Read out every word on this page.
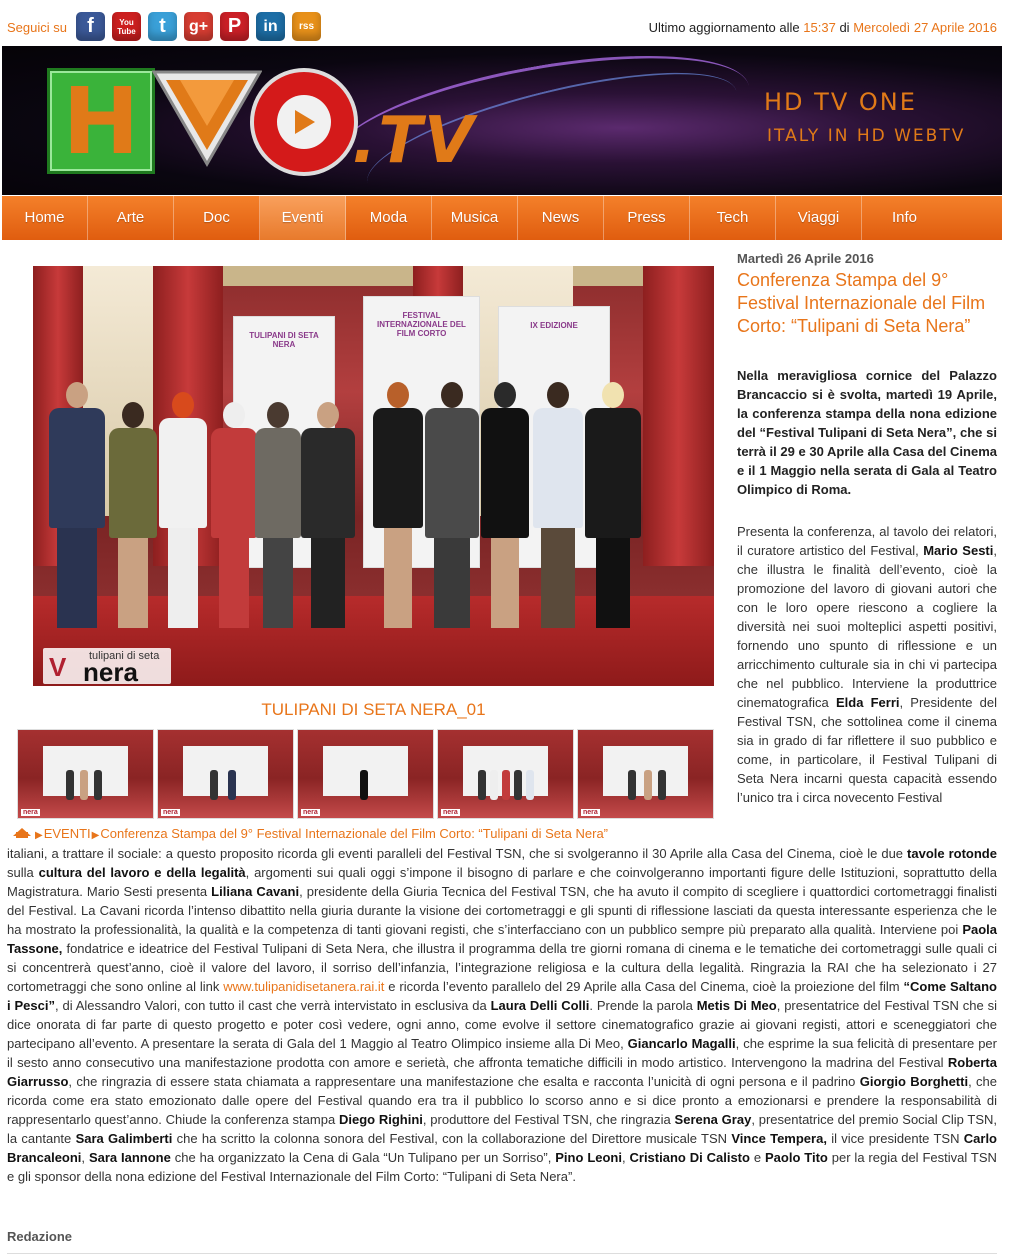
Seguici su	f	You Tube	t	g+ P	in	rss	Ultimo aggiornamento alle 15:37 di Mercoledì 27 Aprile 2016
H	.TV
HD TV ONE
ITALY IN HD WEBTV
Home	Arte	Doc	Eventi	Moda	Musica	News	Press	Tech	Viaggi	Info
TULIPANI DI SETA NERA
FESTIVAL INTERNAZIONALE DEL FILM CORTO
IX EDIZIONE
V tulipani di seta
nera
TULIPANI DI SETA NERA_01
nera	nera	nera	nera	nera
▶EVENTI▶Conferenza Stampa del 9° Festival Internazionale del Film Corto: “Tulipani di Seta Nera”
Martedì 26 Aprile 2016
Conferenza Stampa del 9° Festival Internazionale del Film Corto: “Tulipani di Seta Nera”
Nella meravigliosa cornice del Palazzo Brancaccio si è svolta, martedì 19 Aprile, la conferenza stampa della nona edizione del “Festival Tulipani di Seta Nera”, che si terrà il 29 e 30 Aprile alla Casa del Cinema e il 1 Maggio nella serata di Gala al Teatro Olimpico di Roma.
Presenta la conferenza, al tavolo dei relatori, il curatore artistico del Festival, Mario Sesti, che illustra le finalità dell’evento, cioè la promozione del lavoro di giovani autori che con le loro opere riescono a cogliere la diversità nei suoi molteplici aspetti positivi, fornendo uno spunto di riflessione e un arricchimento culturale sia in chi vi partecipa che nel pubblico. Interviene la produttrice cinematografica Elda Ferri, Presidente del Festival TSN, che sottolinea come il cinema sia in grado di far riflettere il suo pubblico e come, in particolare, il Festival Tulipani di Seta Nera incarni questa capacità essendo l’unico tra i circa novecento Festival
italiani, a trattare il sociale: a questo proposito ricorda gli eventi paralleli del Festival TSN, che si svolgeranno il 30 Aprile alla Casa del Cinema, cioè le due tavole rotonde sulla cultura del lavoro e della legalità, argomenti sui quali oggi s’impone il bisogno di parlare e che coinvolgeranno importanti figure delle Istituzioni, soprattutto della Magistratura. Mario Sesti presenta Liliana Cavani, presidente della Giuria Tecnica del Festival TSN, che ha avuto il compito di scegliere i quattordici cortometraggi finalisti del Festival. La Cavani ricorda l’intenso dibattito nella giuria durante la visione dei cortometraggi e gli spunti di riflessione lasciati da questa interessante esperienza che le ha mostrato la professionalità, la qualità e la competenza di tanti giovani registi, che s’interfacciano con un pubblico sempre più preparato alla qualità. Interviene poi Paola Tassone, fondatrice e ideatrice del Festival Tulipani di Seta Nera, che illustra il programma della tre giorni romana di cinema e le tematiche dei cortometraggi sulle quali ci si concentrerà quest’anno, cioè il valore del lavoro, il sorriso dell’infanzia, l’integrazione religiosa e la cultura della legalità. Ringrazia la RAI che ha selezionato i 27 cortometraggi che sono online al link www.tulipanidisetanera.rai.it e ricorda l’evento parallelo del 29 Aprile alla Casa del Cinema, cioè la proiezione del film “Come Saltano i Pesci”, di Alessandro Valori, con tutto il cast che verrà intervistato in esclusiva da Laura Delli Colli. Prende la parola Metis Di Meo, presentatrice del Festival TSN che si dice onorata di far parte di questo progetto e poter così vedere, ogni anno, come evolve il settore cinematografico grazie ai giovani registi, attori e sceneggiatori che partecipano all’evento. A presentare la serata di Gala del 1 Maggio al Teatro Olimpico insieme alla Di Meo, Giancarlo Magalli, che esprime la sua felicità di presentare per il sesto anno consecutivo una manifestazione prodotta con amore e serietà, che affronta tematiche difficili in modo artistico. Intervengono la madrina del Festival Roberta Giarrusso, che ringrazia di essere stata chiamata a rappresentare una manifestazione che esalta e racconta l’unicità di ogni persona e il padrino Giorgio Borghetti, che ricorda come era stato emozionato dalle opere del Festival quando era tra il pubblico lo scorso anno e si dice pronto a emozionarsi e prendere la responsabilità di rappresentarlo quest’anno. Chiude la conferenza stampa Diego Righini, produttore del Festival TSN, che ringrazia Serena Gray, presentatrice del premio Social Clip TSN, la cantante Sara Galimberti che ha scritto la colonna sonora del Festival, con la collaborazione del Direttore musicale TSN Vince Tempera, il vice presidente TSN Carlo Brancaleoni, Sara Iannone che ha organizzato la Cena di Gala “Un Tulipano per un Sorriso”, Pino Leoni, Cristiano Di Calisto e Paolo Tito per la regia del Festival TSN e gli sponsor della nona edizione del Festival Internazionale del Film Corto: “Tulipani di Seta Nera”.
Redazione
